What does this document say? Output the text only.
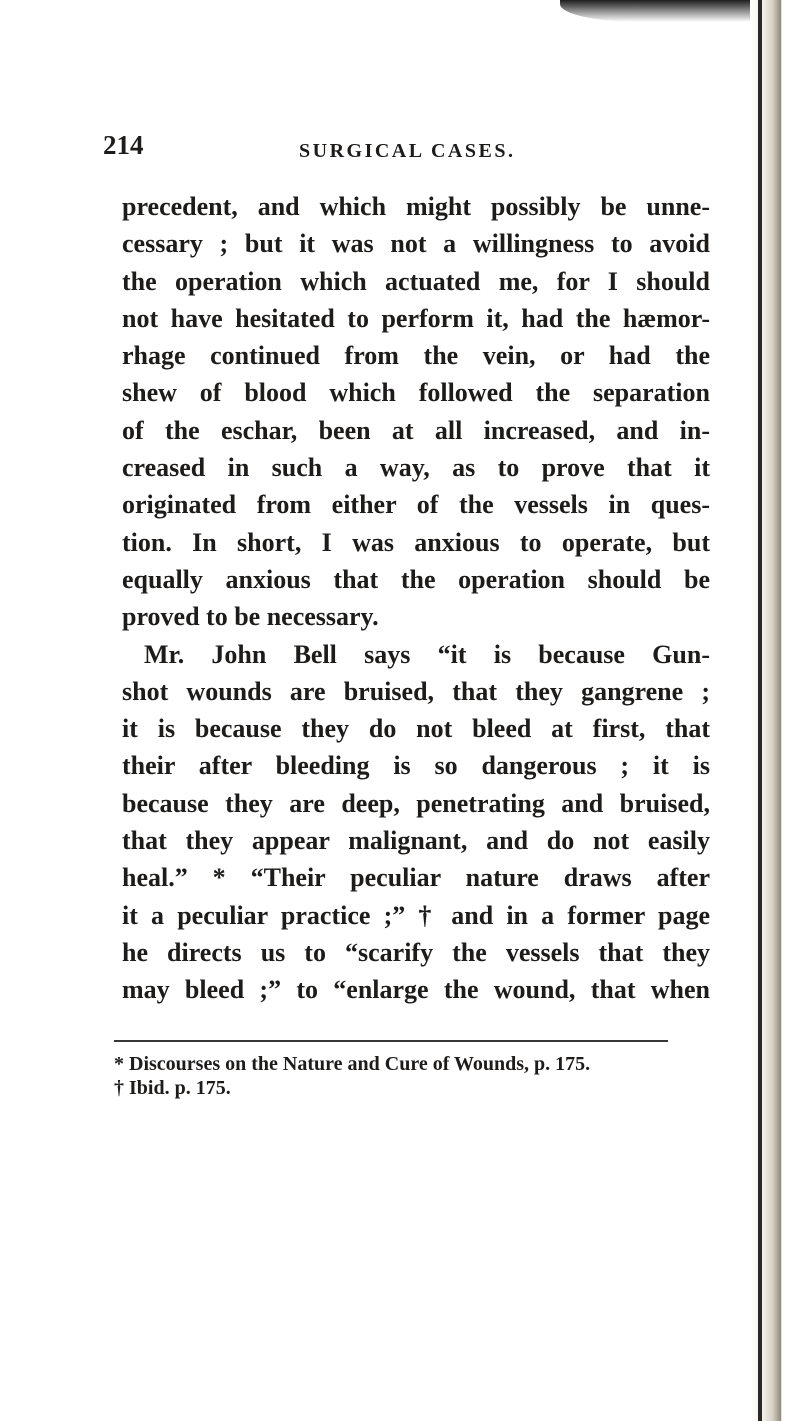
214	SURGICAL CASES.
precedent, and which might possibly be unne-
cessary ; but it was not a willingness to avoid
the operation which actuated me, for I should
not have hesitated to perform it, had the hæmor-
rhage continued from the vein, or had the
shew of blood which followed the separation
of the eschar, been at all increased, and in-
creased in such a way, as to prove that it
originated from either of the vessels in ques-
tion. In short, I was anxious to operate, but
equally anxious that the operation should be
proved to be necessary.
Mr. John Bell says “it is because Gun-
shot wounds are bruised, that they gangrene ;
it is because they do not bleed at first, that
their after bleeding is so dangerous ; it is
because they are deep, penetrating and bruised,
that they appear malignant, and do not easily
heal.” * “Their peculiar nature draws after
it a peculiar practice ;” † and in a former page
he directs us to “scarify the vessels that they
may bleed ;” to “enlarge the wound, that when
* Discourses on the Nature and Cure of Wounds, p. 175.
† Ibid. p. 175.
